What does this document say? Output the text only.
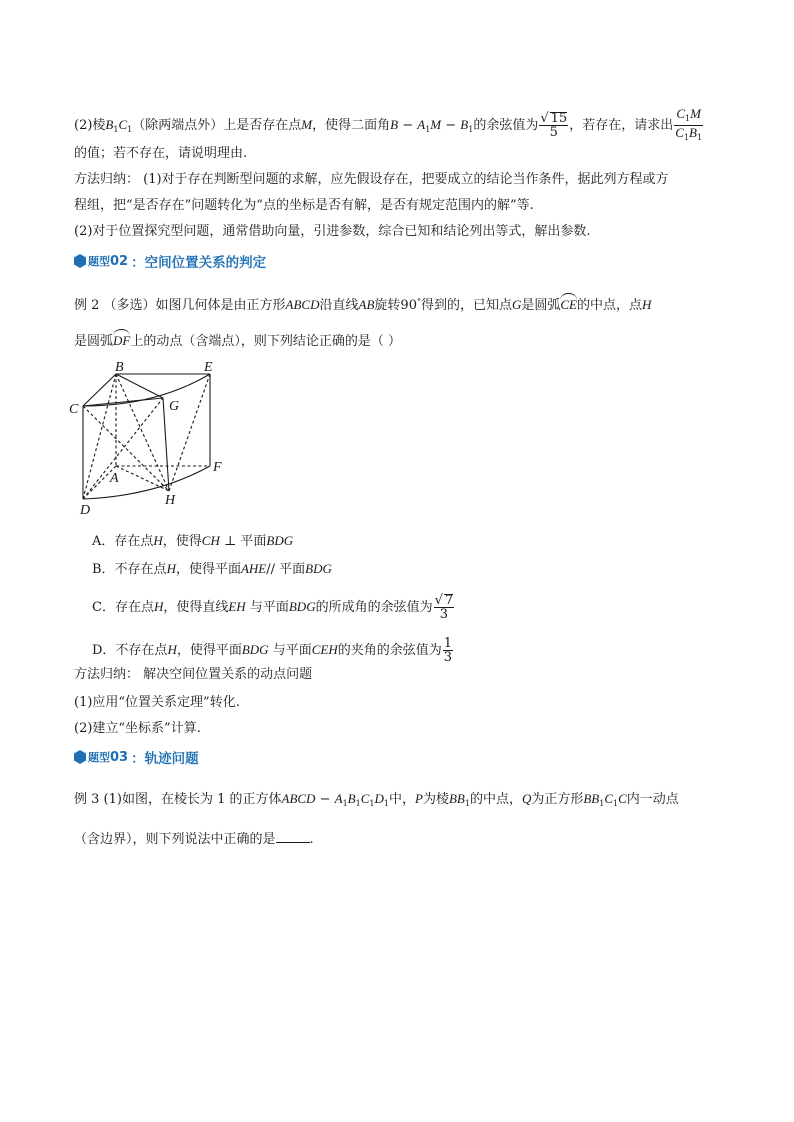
(2)棱$B_1C_1$（除两端点外）上是否存在点M，使得二面角$B - A_1M - B_1$的余弦值为 $\frac{√ 15}{5}$ ，若存在，请求出 $\frac{C_1M}{C_1B_1}$
的值；若不存在，请说明理由.
方法归纳： (1)对于存在判断型问题的求解，应先假设存在，把要成立的结论当作条件，据此列方程或方
程组，把“是否存在”问题转化为“点的坐标是否有解，是否有规定范围内的解”等.
(2)对于位置探究型问题，通常借助向量，引进参数，综合已知和结论列出等式，解出参数.
题型 02 ：空间位置关系的判定
例 2 （多选）如图几何体是由正方形ABCD沿直线AB旋转90°得到的，已知点G是圆弧CE的中点，点H
是圆弧DF上的动点（含端点），则下列结论正确的是（ ）
B	E
C	G
A
F
D
H
A．存在点H，使得CH ⊥ 平面BDG
B．不存在点H，使得平面AHE// 平面BDG
C．存在点H，使得直线EH 与平面BDG的所成角的余弦值为 $\frac{√ 7}{3}$
D．不存在点H，使得平面BDG 与平面CEH的夹角的余弦值为 $\frac{1}{3}$
方法归纳： 解决空间位置关系的动点问题
(1)应用“位置关系定理”转化.
(2)建立“坐标系”计算.
题型 03 ：轨迹问题
例 3 (1)如图，在棱长为 1 的正方体ABCD − $A_1B_1C_1D_1$中，P为棱$BB_1$的中点，Q为正方形$BB_1C_1C$内一动点
（含边界），则下列说法中正确的是	.
